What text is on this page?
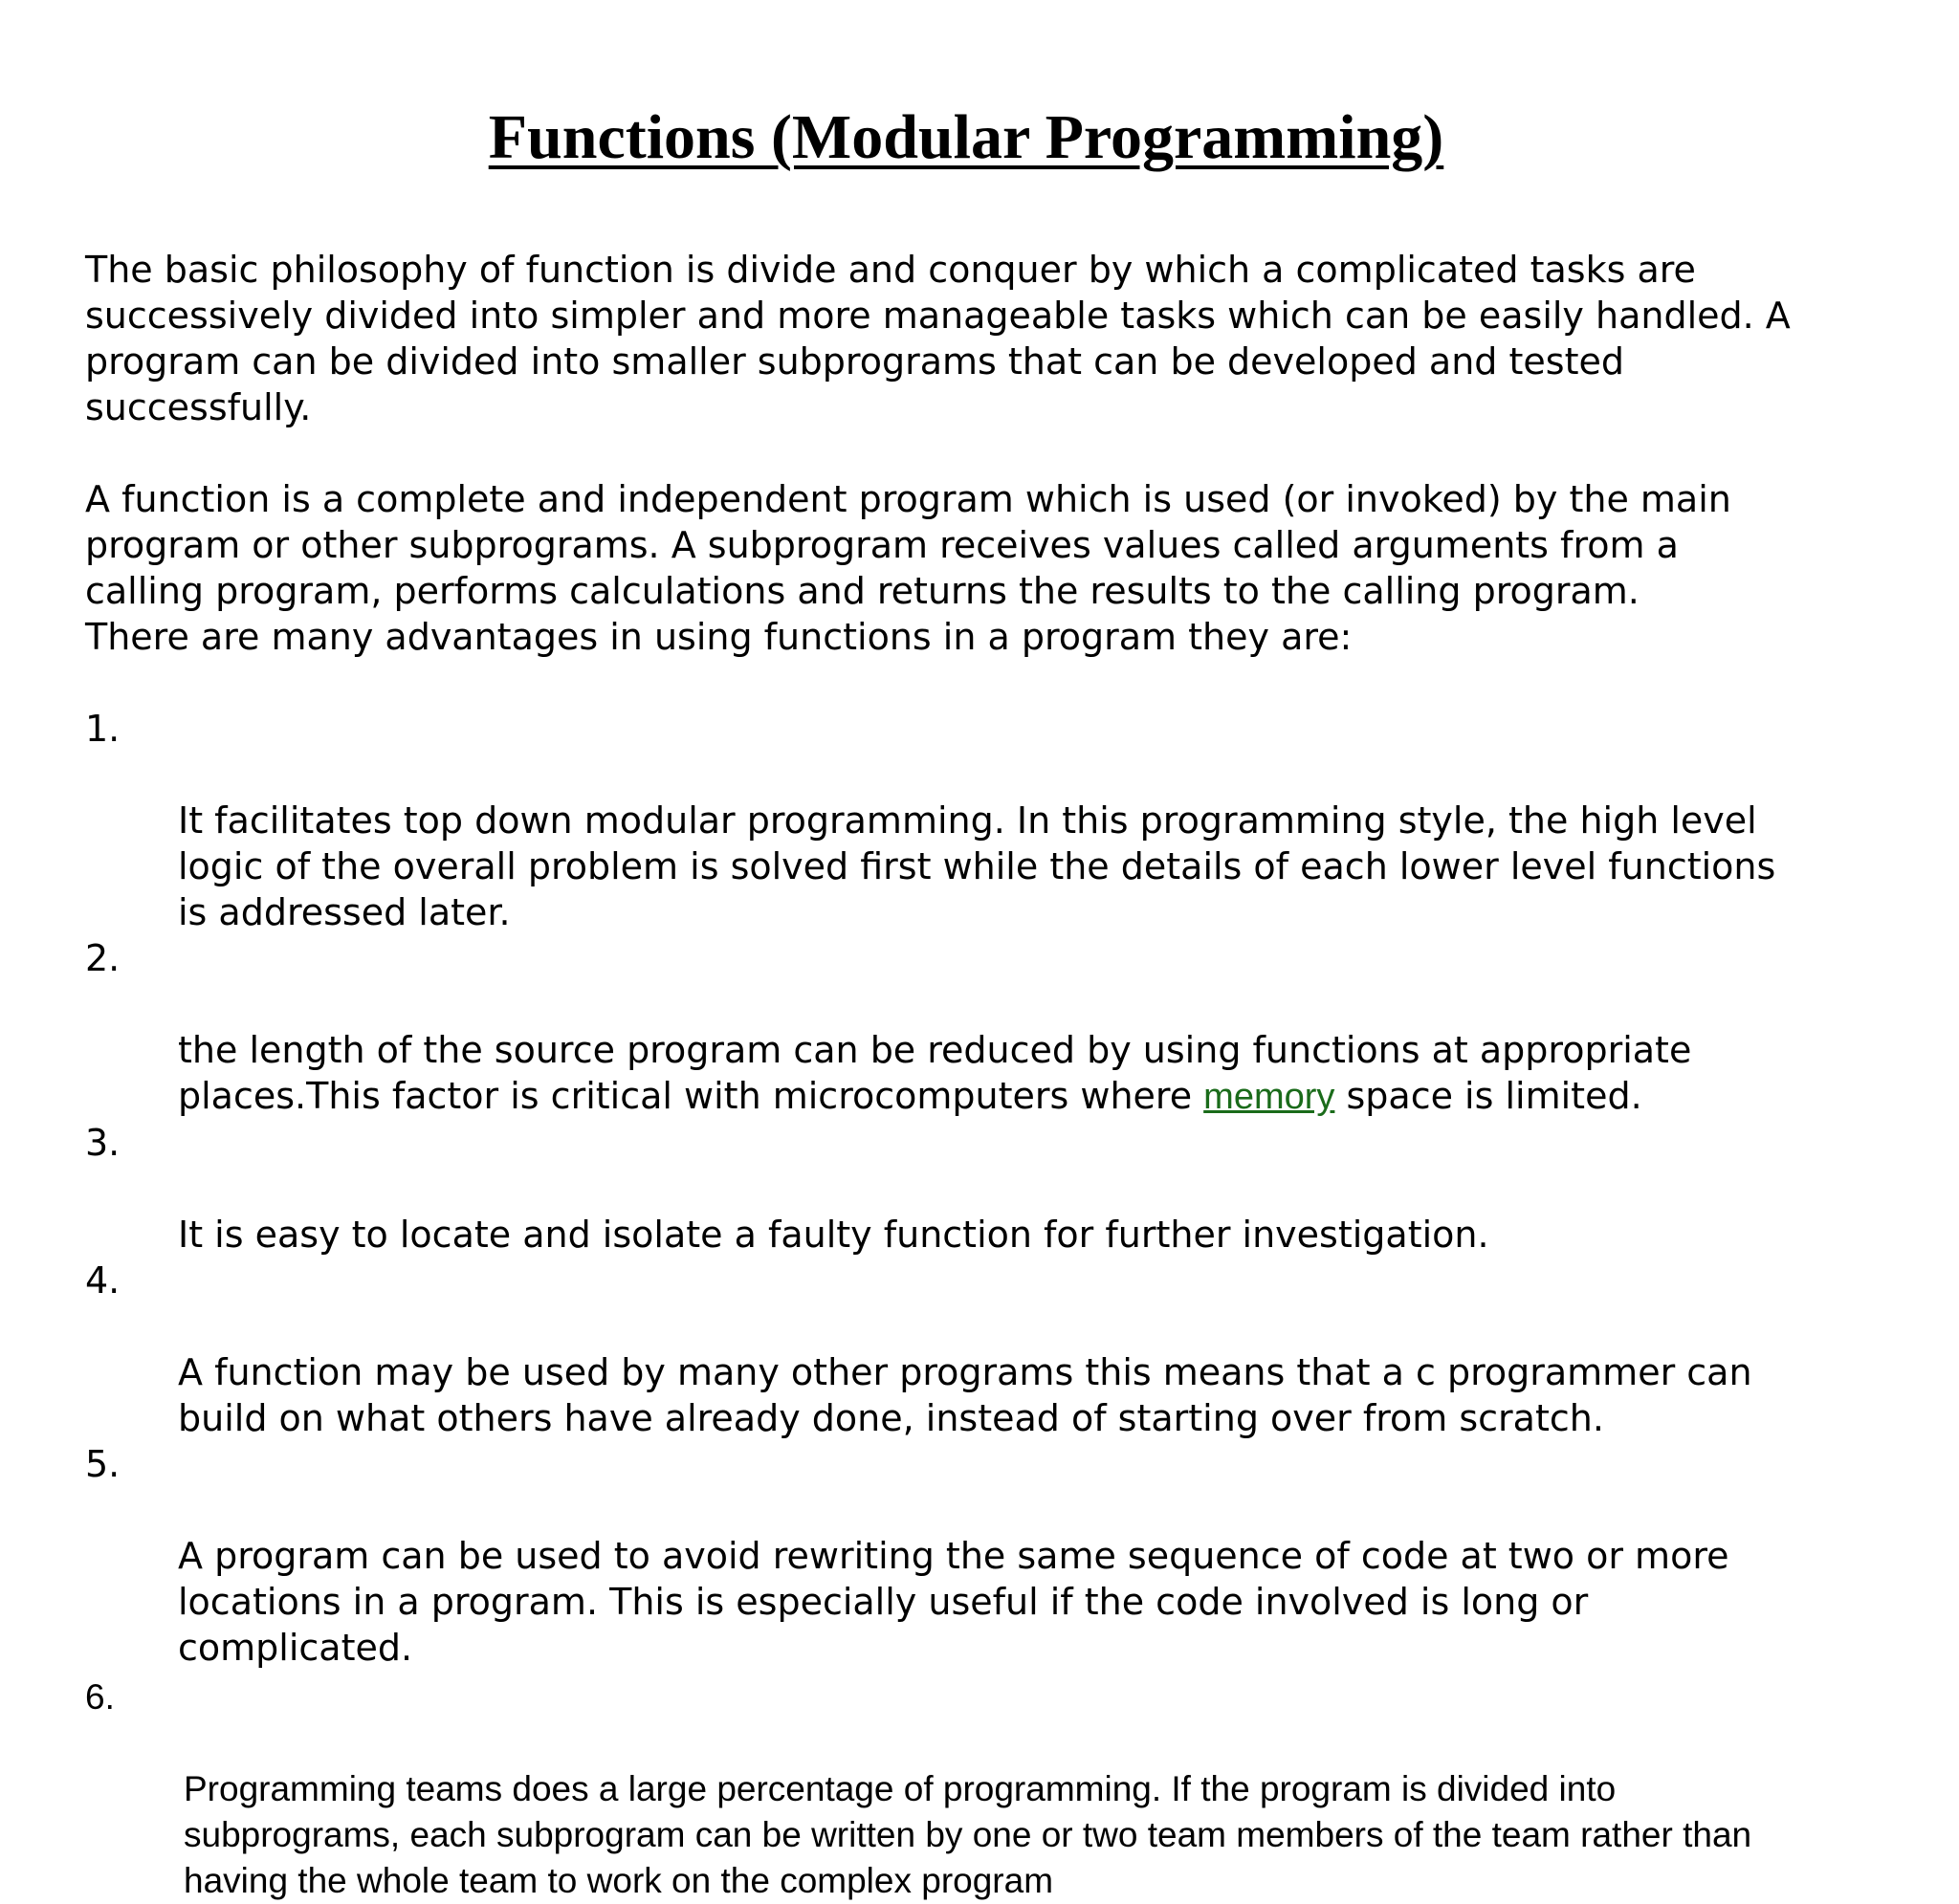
Functions (Modular Programming)

The basic philosophy of function is divide and conquer by which a complicated tasks are
successively divided into simpler and more manageable tasks which can be easily handled. A
program can be divided into smaller subprograms that can be developed and tested
successfully.

A function is a complete and independent program which is used (or invoked) by the main
program or other subprograms. A subprogram receives values called arguments from a
calling program, performs calculations and returns the results to the calling program.
There are many advantages in using functions in a program they are:

1.

It facilitates top down modular programming. In this programming style, the high level
logic of the overall problem is solved first while the details of each lower level functions
is addressed later.

2.

the length of the source program can be reduced by using functions at appropriate
places.This factor is critical with microcomputers where memory space is limited.

3.

It is easy to locate and isolate a faulty function for further investigation.

4.

A function may be used by many other programs this means that a c programmer can
build on what others have already done, instead of starting over from scratch.

5.

A program can be used to avoid rewriting the same sequence of code at two or more
locations in a program. This is especially useful if the code involved is long or
complicated.

6.

Programming teams does a large percentage of programming. If the program is divided into
subprograms, each subprogram can be written by one or two team members of the team rather than
having the whole team to work on the complex program
